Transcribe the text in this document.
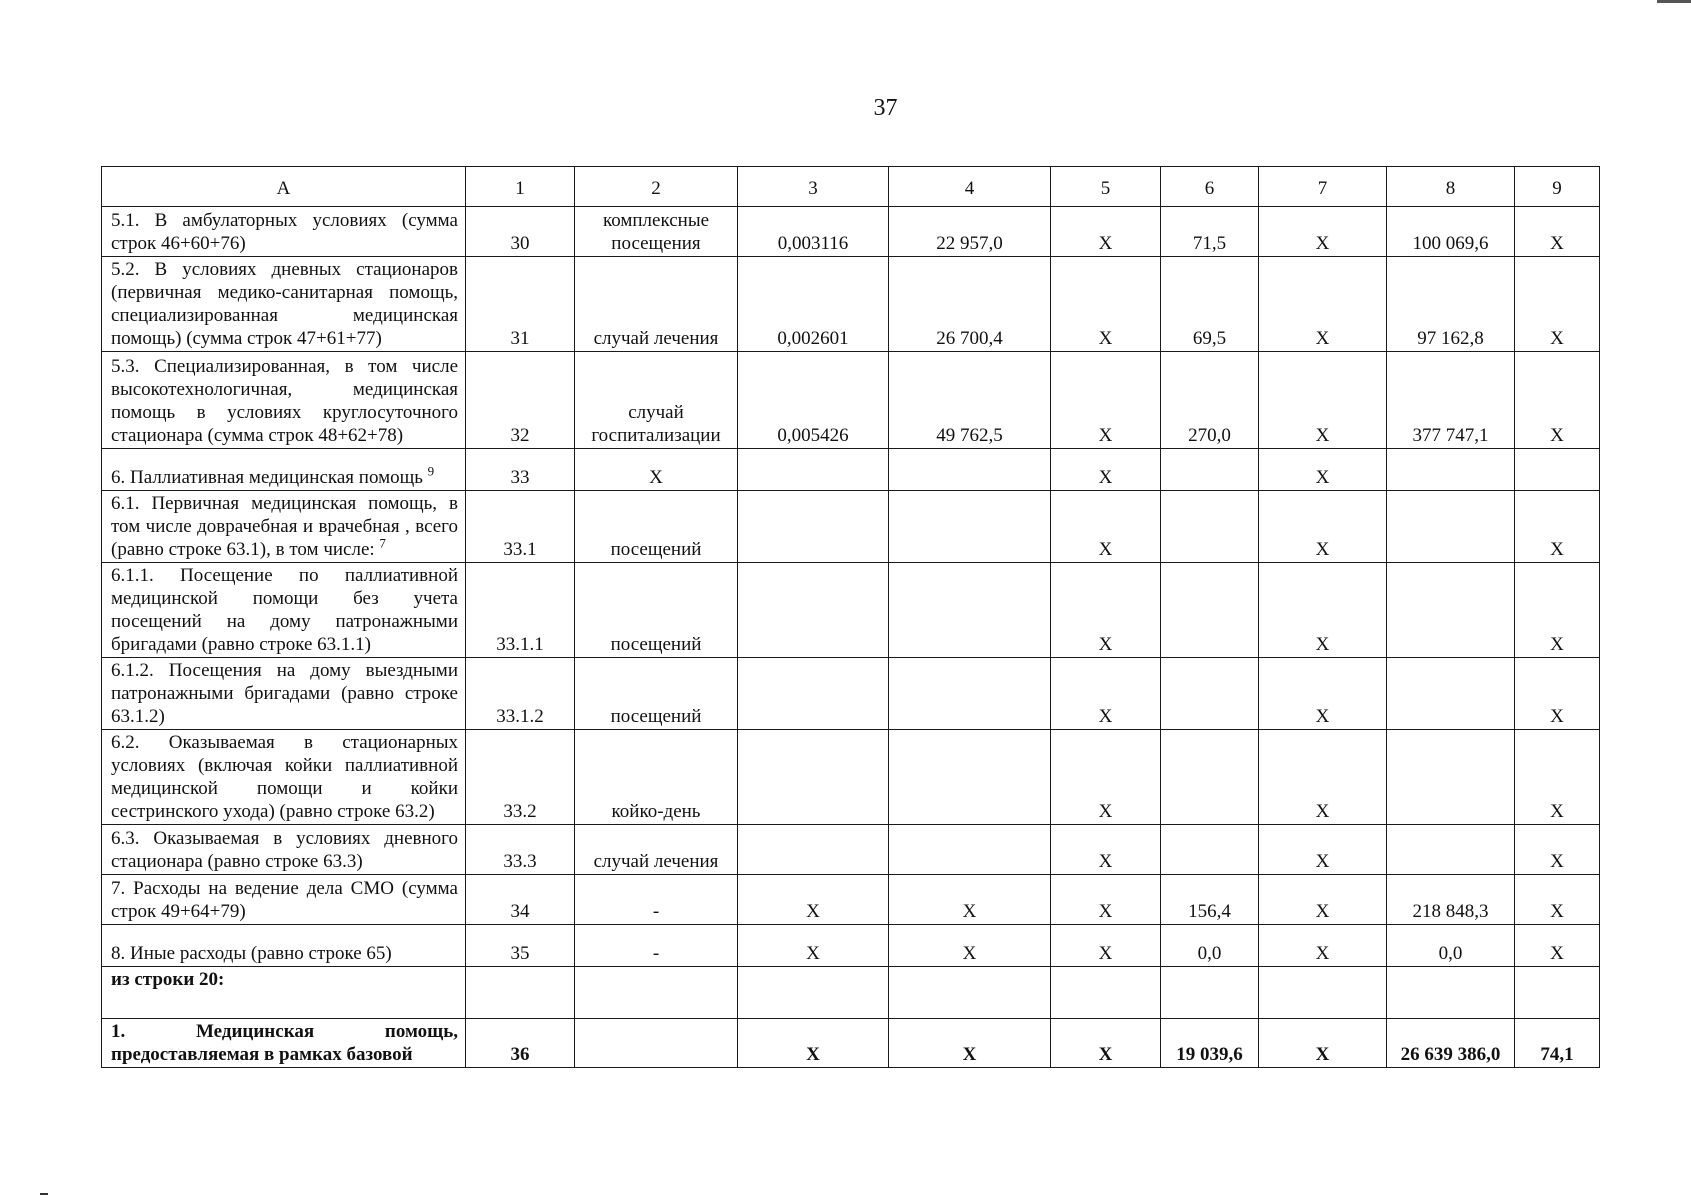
37
А	1	2	3	4	5	6	7	8	9
5.1. В амбулаторных условиях (сумма строк 46+60+76)	30	комплексные посещения	0,003116	22 957,0	Х	71,5	Х	100 069,6	Х
5.2. В условиях дневных стационаров (первичная медико-санитарная помощь, специализированная медицинская помощь) (сумма строк 47+61+77)	31	случай лечения	0,002601	26 700,4	Х	69,5	Х	97 162,8	Х
5.3. Специализированная, в том числе высокотехнологичная, медицинская помощь в условиях круглосуточного стационара (сумма строк 48+62+78)	32	случай госпитализации	0,005426	49 762,5	Х	270,0	Х	377 747,1	Х
6. Паллиативная медицинская помощь $^9$	33	Х			Х		Х		
6.1. Первичная медицинская помощь, в том числе доврачебная и врачебная , всего (равно строке 63.1), в том числе: $^7$	33.1	посещений			Х		Х		Х
6.1.1. Посещение по паллиативной медицинской помощи без учета посещений на дому патронажными бригадами (равно строке 63.1.1)	33.1.1	посещений			Х		Х		Х
6.1.2. Посещения на дому выездными патронажными бригадами (равно строке 63.1.2)	33.1.2	посещений			Х		Х		Х
6.2. Оказываемая в стационарных условиях (включая койки паллиативной медицинской помощи и койки сестринского ухода) (равно строке 63.2)	33.2	койко-день			Х		Х		Х
6.3. Оказываемая в условиях дневного стационара (равно строке 63.3)	33.3	случай лечения			Х		Х		Х
7. Расходы на ведение дела СМО (сумма строк 49+64+79)	34	-	Х	Х	Х	156,4	Х	218 848,3	Х
8. Иные расходы (равно строке 65)	35	-	Х	Х	Х	0,0	Х	0,0	Х
из строки 20:									
1. Медицинская помощь, предоставляемая в рамках базовой	36		Х	Х	Х	19 039,6	Х	26 639 386,0	74,1
